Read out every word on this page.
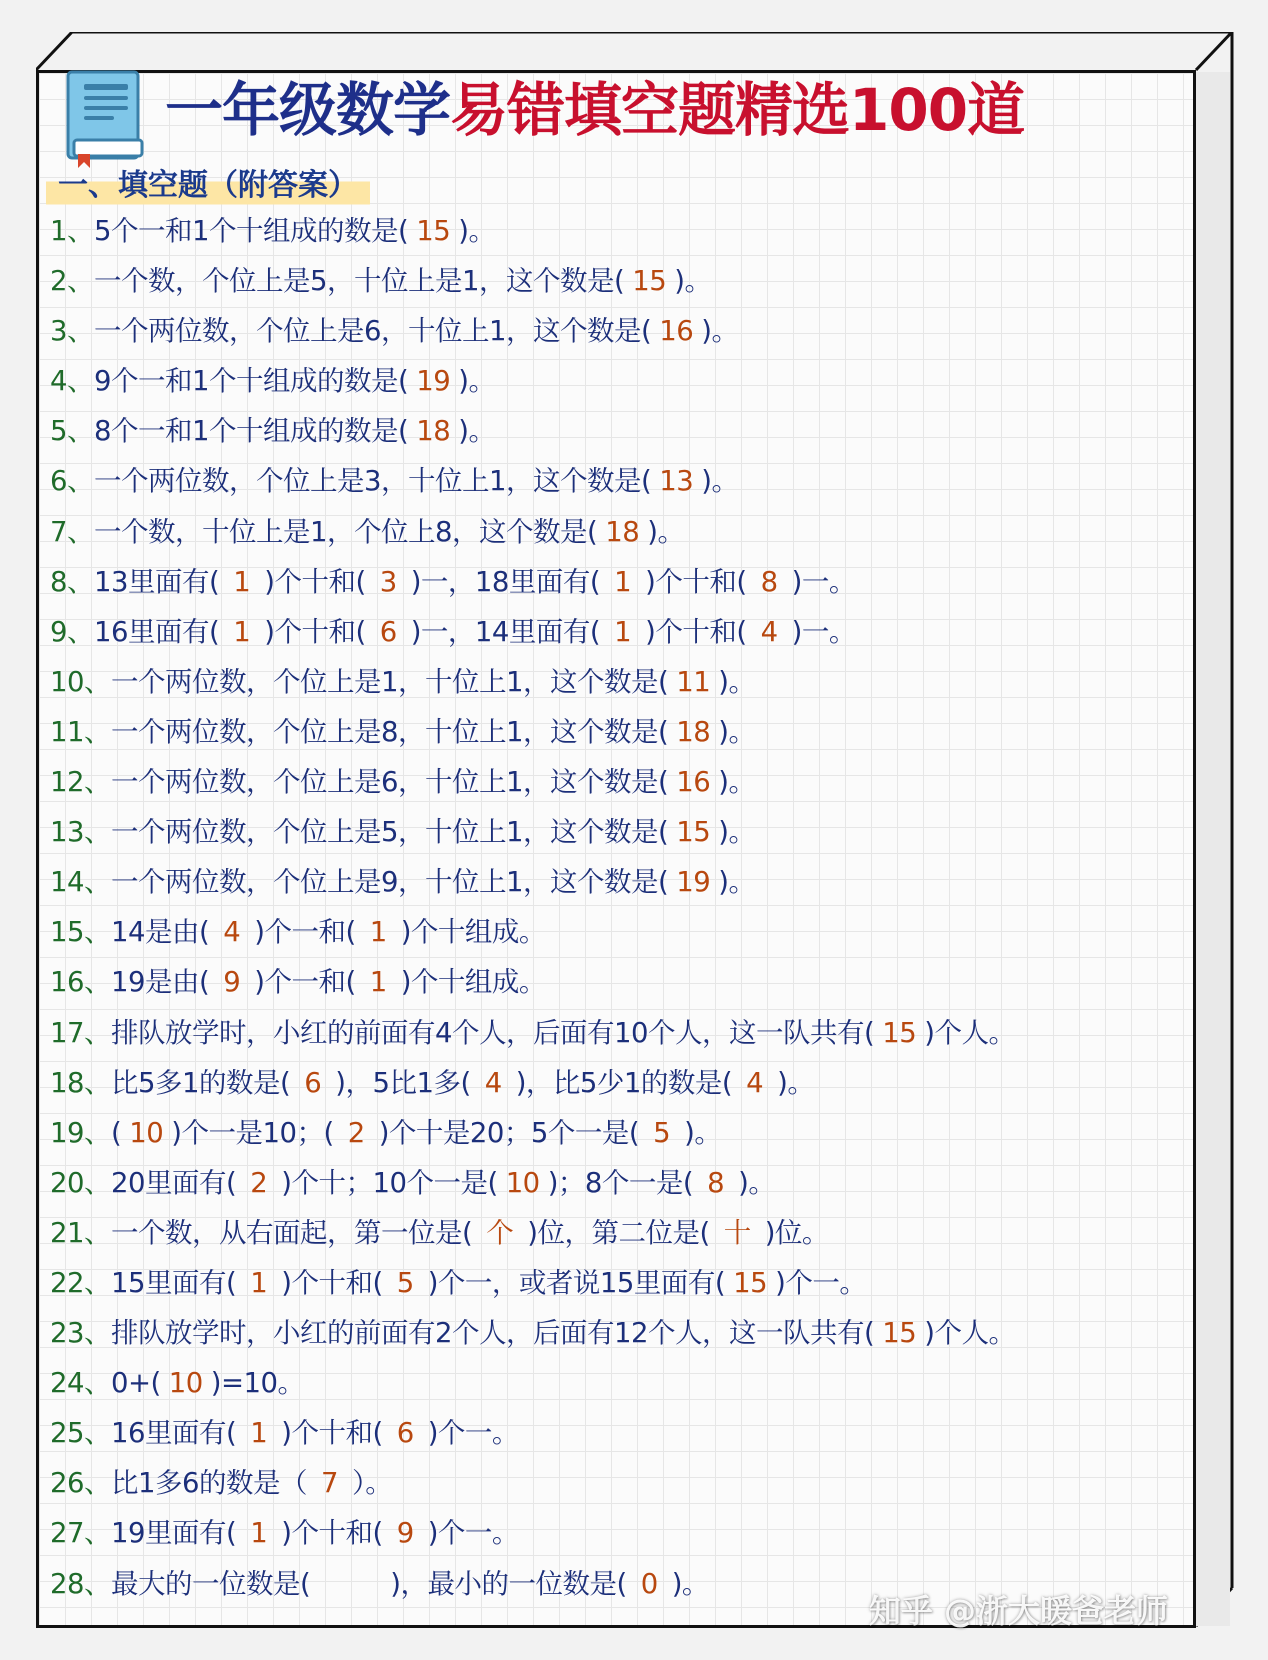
一年级数学易错填空题精选100道
一、填空题（附答案）
1、5个一和1个十组成的数是( 15 )。
2、一个数，个位上是5，十位上是1，这个数是( 15 )。
3、一个两位数，个位上是6，十位上1，这个数是( 16 )。
4、9个一和1个十组成的数是( 19 )。
5、8个一和1个十组成的数是( 18 )。
6、一个两位数，个位上是3，十位上1，这个数是( 13 )。
7、一个数，十位上是1，个位上8，这个数是( 18 )。
8、13里面有( 1 )个十和( 3 )一，18里面有( 1 )个十和( 8 )一。
9、16里面有( 1 )个十和( 6 )一，14里面有( 1 )个十和( 4 )一。
10、一个两位数，个位上是1，十位上1，这个数是( 11 )。
11、一个两位数，个位上是8，十位上1，这个数是( 18 )。
12、一个两位数，个位上是6，十位上1，这个数是( 16 )。
13、一个两位数，个位上是5，十位上1，这个数是( 15 )。
14、一个两位数，个位上是9，十位上1，这个数是( 19 )。
15、14是由( 4 )个一和( 1 )个十组成。
16、19是由( 9 )个一和( 1 )个十组成。
17、排队放学时，小红的前面有4个人，后面有10个人，这一队共有( 15 )个人。
18、比5多1的数是( 6 )，5比1多( 4 )，比5少1的数是( 4 )。
19、( 10 )个一是10；( 2 )个十是20；5个一是( 5 )。
20、20里面有( 2 )个十；10个一是( 10 )；8个一是( 8 )。
21、一个数，从右面起，第一位是( 个 )位，第二位是( 十 )位。
22、15里面有( 1 )个十和( 5 )个一，或者说15里面有( 15 )个一。
23、排队放学时，小红的前面有2个人，后面有12个人，这一队共有( 15 )个人。
24、0+( 10 )=10。
25、16里面有( 1 )个十和( 6 )个一。
26、比1多6的数是（ 7 ）。
27、19里面有( 1 )个十和( 9 )个一。
28、最大的一位数是(	)，最小的一位数是( 0 )。
知乎 @浙大暖爸老师
